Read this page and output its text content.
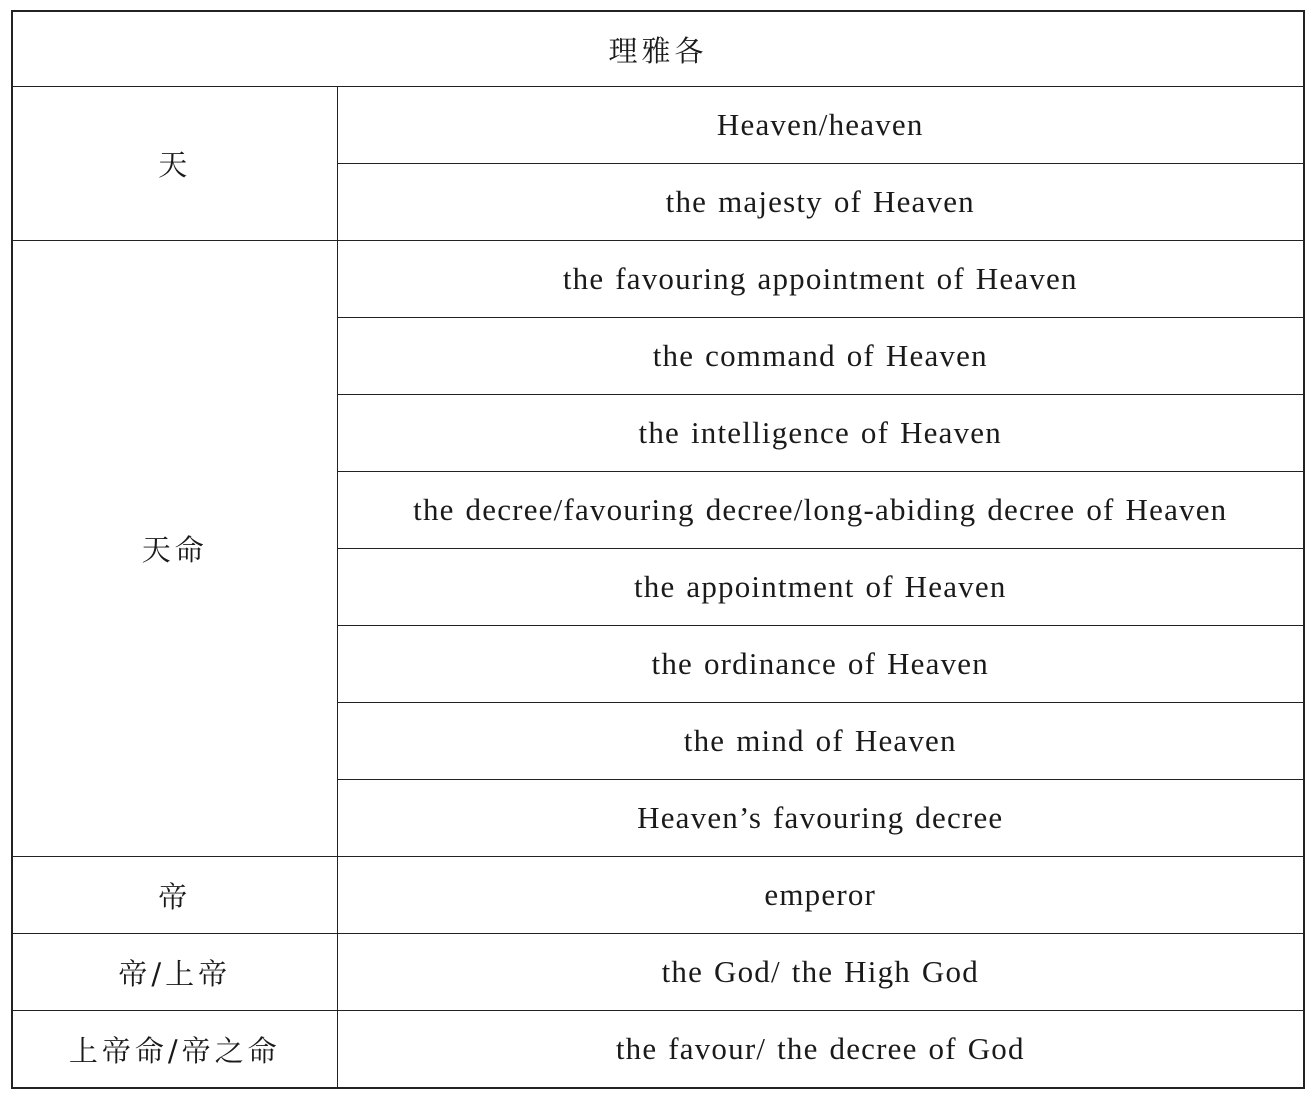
理雅各	
天	Heaven/heaven
	the majesty of Heaven
天命	the favouring appointment of Heaven
	the command of Heaven
	the intelligence of Heaven
	the decree/favouring decree/long-abiding decree of Heaven
	the appointment of Heaven
	the ordinance of Heaven
	the mind of Heaven
	Heaven’s favouring decree
帝	emperor
帝/上帝	the God/ the High God
上帝命/帝之命	the favour/ the decree of God
